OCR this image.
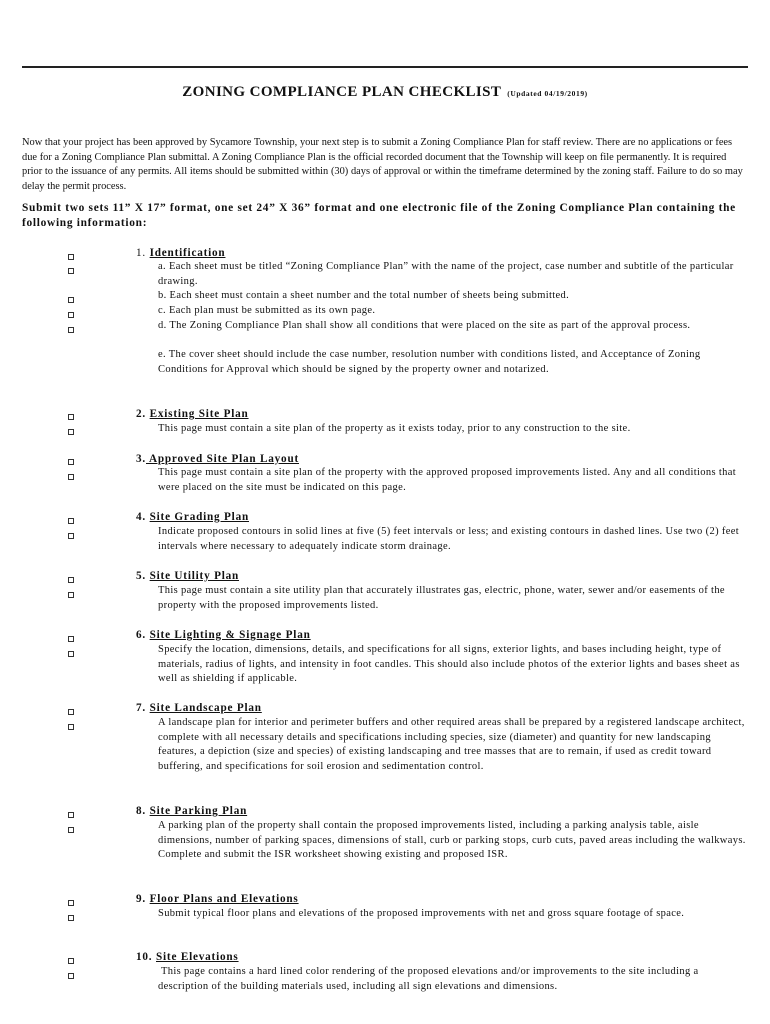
ZONING COMPLIANCE PLAN CHECKLIST (Updated 04/19/2019)
Now that your project has been approved by Sycamore Township, your next step is to submit a Zoning Compliance Plan for staff review. There are no applications or fees due for a Zoning Compliance Plan submittal. A Zoning Compliance Plan is the official recorded document that the Township will keep on file permanently. It is required prior to the issuance of any permits. All items should be submitted within (30) days of approval or within the timeframe determined by the zoning staff. Failure to do so may delay the permit process.
Submit two sets 11” X 17” format, one set 24” X 36” format and one electronic file of the Zoning Compliance Plan containing the following information:
1. Identification
a. Each sheet must be titled “Zoning Compliance Plan” with the name of the project, case number and subtitle of the particular drawing.
b. Each sheet must contain a sheet number and the total number of sheets being submitted.
c. Each plan must be submitted as its own page.
d. The Zoning Compliance Plan shall show all conditions that were placed on the site as part of the approval process.
e. The cover sheet should include the case number, resolution number with conditions listed, and Acceptance of Zoning Conditions for Approval which should be signed by the property owner and notarized.
2. Existing Site Plan
This page must contain a site plan of the property as it exists today, prior to any construction to the site.
3. Approved Site Plan Layout
This page must contain a site plan of the property with the approved proposed improvements listed. Any and all conditions that were placed on the site must be indicated on this page.
4. Site Grading Plan
Indicate proposed contours in solid lines at five (5) feet intervals or less; and existing contours in dashed lines. Use two (2) feet intervals where necessary to adequately indicate storm drainage.
5. Site Utility Plan
This page must contain a site utility plan that accurately illustrates gas, electric, phone, water, sewer and/or easements of the property with the proposed improvements listed.
6. Site Lighting & Signage Plan
Specify the location, dimensions, details, and specifications for all signs, exterior lights, and bases including height, type of materials, radius of lights, and intensity in foot candles. This should also include photos of the exterior lights and bases sheet as well as shielding if applicable.
7. Site Landscape Plan
A landscape plan for interior and perimeter buffers and other required areas shall be prepared by a registered landscape architect, complete with all necessary details and specifications including species, size (diameter) and quantity for new landscaping features, a depiction (size and species) of existing landscaping and tree masses that are to remain, if used as credit toward buffering, and specifications for soil erosion and sedimentation control.
8. Site Parking Plan
A parking plan of the property shall contain the proposed improvements listed, including a parking analysis table, aisle dimensions, number of parking spaces, dimensions of stall, curb or parking stops, curb cuts, paved areas including the walkways. Complete and submit the ISR worksheet showing existing and proposed ISR.
9. Floor Plans and Elevations
Submit typical floor plans and elevations of the proposed improvements with net and gross square footage of space.
10. Site Elevations
This page contains a hard lined color rendering of the proposed elevations and/or improvements to the site including a description of the building materials used, including all sign elevations and dimensions.
